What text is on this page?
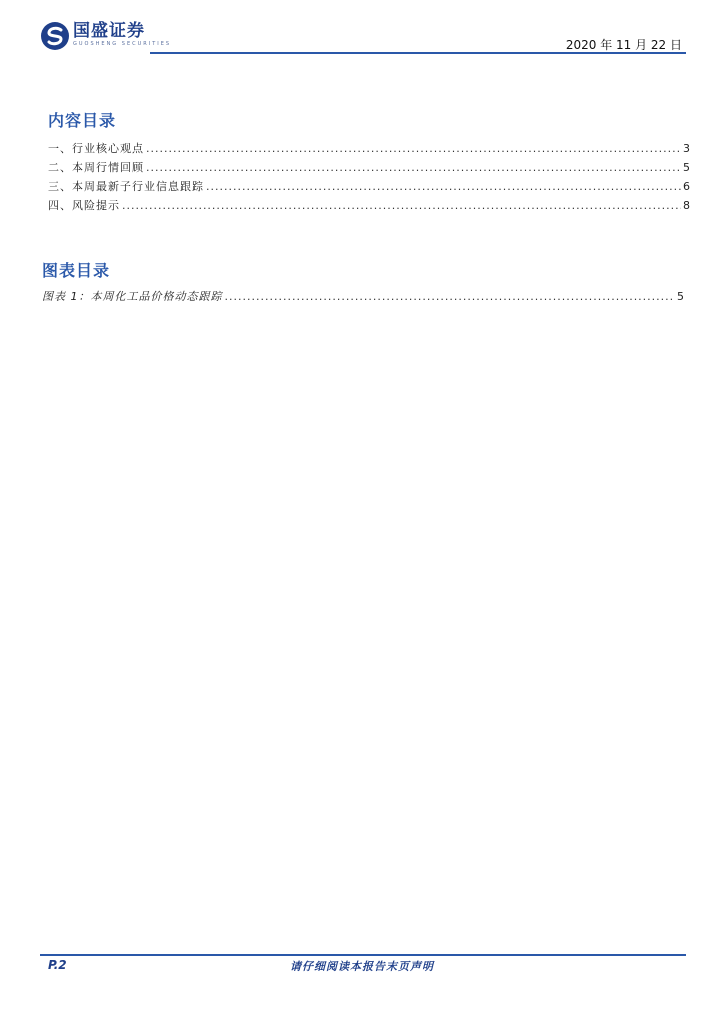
国盛证券
GUOSHENG SECURITIES	2020 年 11 月 22 日
内容目录
一、行业核心观点 .....	3
二、本周行情回顾 .....	5
三、本周最新子行业信息跟踪 .....	6
四、风险提示 .....	8
图表目录
图表 1：本周化工品价格动态跟踪 .....	5
P.2	请仔细阅读本报告末页声明
